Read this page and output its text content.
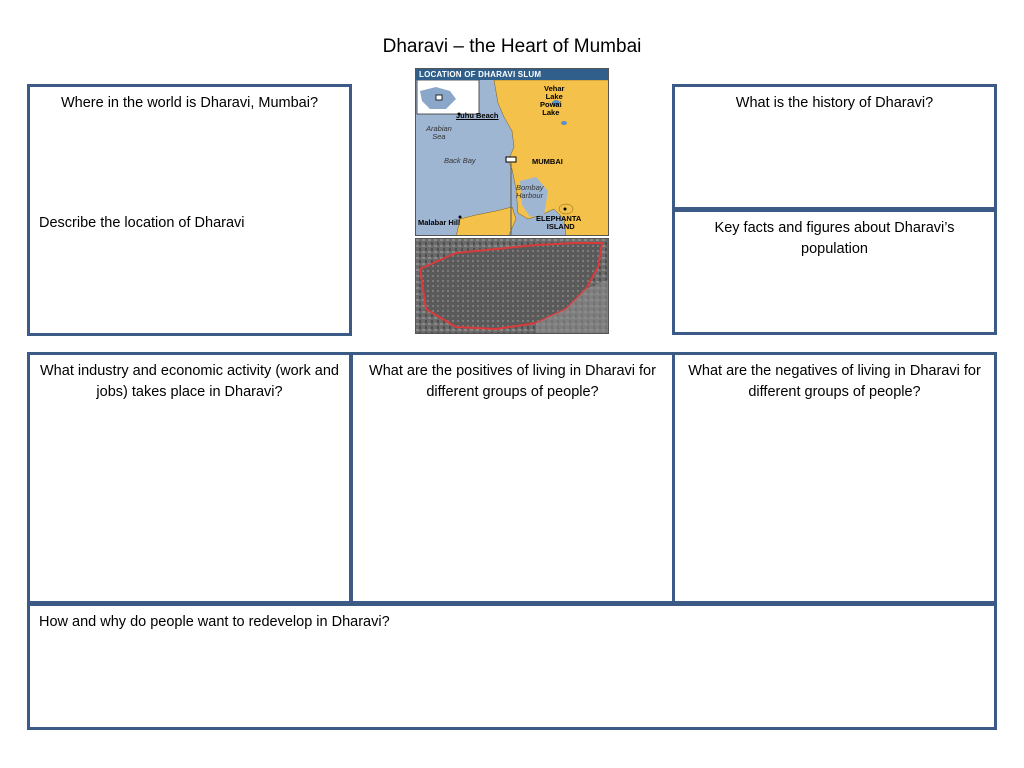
Dharavi – the Heart of Mumbai
Where in the world is Dharavi, Mumbai?
Describe the location of Dharavi
LOCATION OF DHARAVI SLUM
Vehar
Lake
Juhu Beach
Powai
Lake
Arabian
Sea
Back Bay	MUMBAI
Bombay
Harbour
Malabar Hill	ELEPHANTA
ISLAND
What is the history of Dharavi?
Key facts and figures about Dharavi’s population
What industry and economic activity (work and jobs) takes place in Dharavi?
What are the positives of living in Dharavi for different groups of people?
What are the negatives of living in Dharavi for different groups of people?
How and why do people want to redevelop in Dharavi?
